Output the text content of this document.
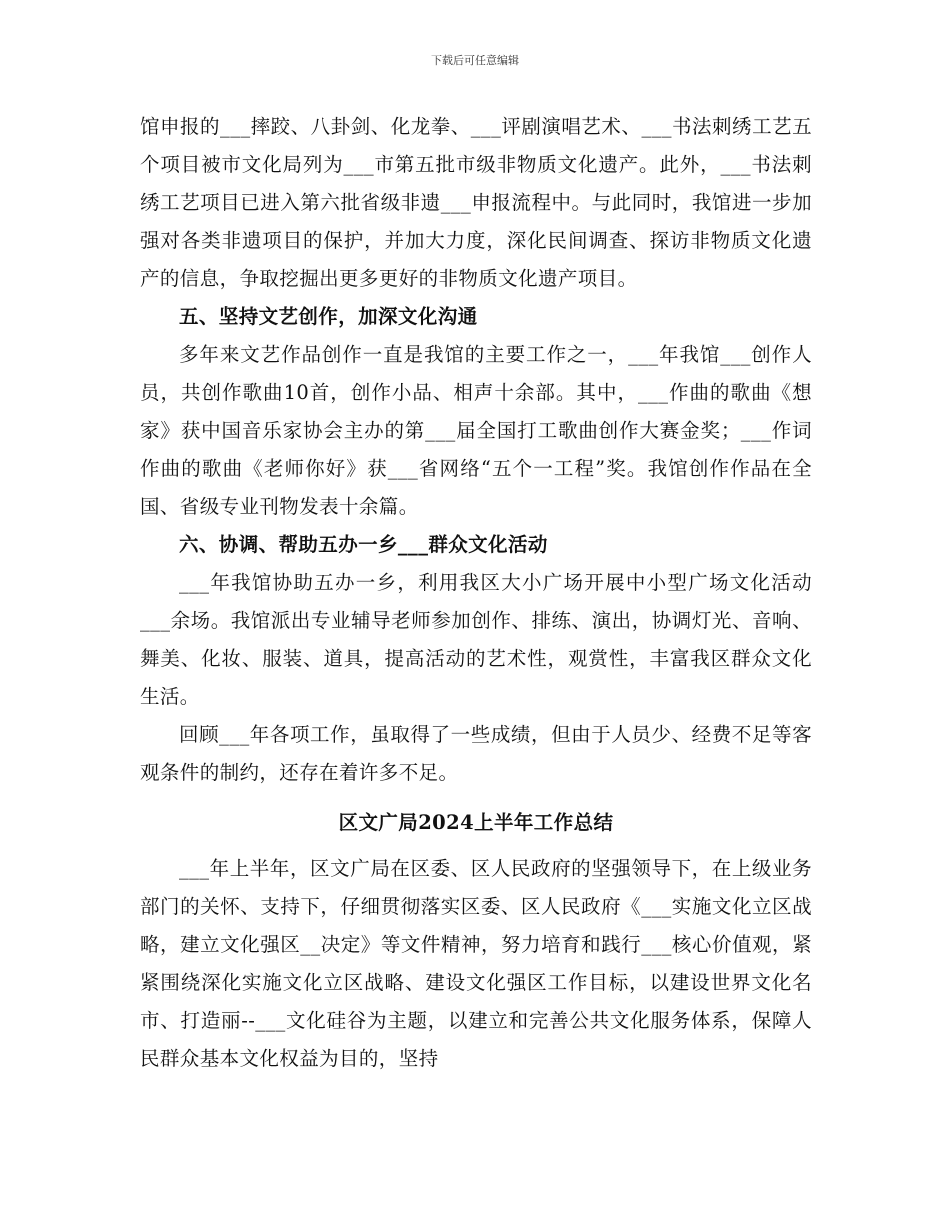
下载后可任意编辑

馆申报的___摔跤、八卦剑、化龙拳、___评剧演唱艺术、___书法刺绣工艺五个项目被市文化局列为___市第五批市级非物质文化遗产。此外，___书法刺绣工艺项目已进入第六批省级非遗___申报流程中。与此同时，我馆进一步加强对各类非遗项目的保护，并加大力度，深化民间调查、探访非物质文化遗产的信息，争取挖掘出更多更好的非物质文化遗产项目。

五、坚持文艺创作，加深文化沟通

多年来文艺作品创作一直是我馆的主要工作之一，___年我馆___创作人员，共创作歌曲10首，创作小品、相声十余部。其中，___作曲的歌曲《想家》获中国音乐家协会主办的第___届全国打工歌曲创作大赛金奖；___作词作曲的歌曲《老师你好》获___省网络“五个一工程”奖。我馆创作作品在全国、省级专业刊物发表十余篇。

六、协调、帮助五办一乡___群众文化活动

___年我馆协助五办一乡，利用我区大小广场开展中小型广场文化活动___余场。我馆派出专业辅导老师参加创作、排练、演出，协调灯光、音响、舞美、化妆、服装、道具，提高活动的艺术性，观赏性，丰富我区群众文化生活。

回顾___年各项工作，虽取得了一些成绩，但由于人员少、经费不足等客观条件的制约，还存在着许多不足。

区文广局2024上半年工作总结

___年上半年，区文广局在区委、区人民政府的坚强领导下，在上级业务部门的关怀、支持下，仔细贯彻落实区委、区人民政府《___实施文化立区战略，建立文化强区__决定》等文件精神，努力培育和践行___核心价值观，紧紧围绕深化实施文化立区战略、建设文化强区工作目标，以建设世界文化名市、打造丽--___文化硅谷为主题，以建立和完善公共文化服务体系，保障人民群众基本文化权益为目的，坚持
